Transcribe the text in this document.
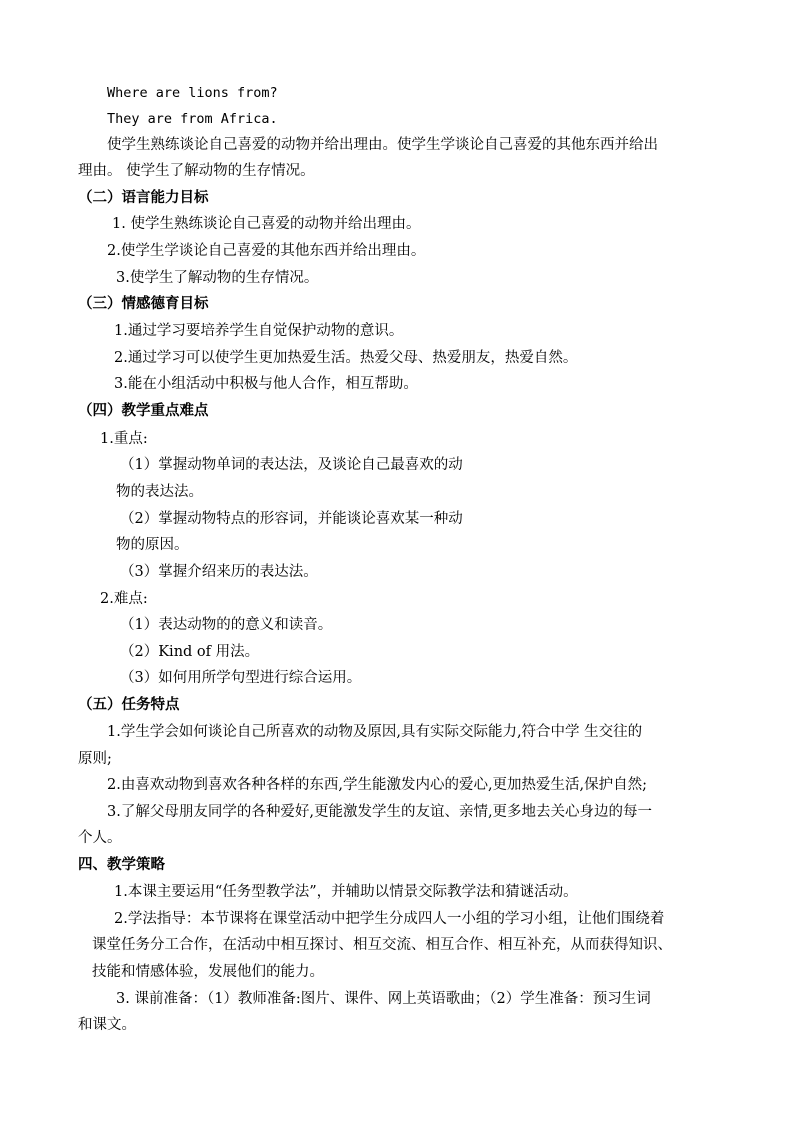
Where are lions from?
They are from Africa.
使学生熟练谈论自己喜爱的动物并给出理由。使学生学谈论自己喜爱的其他东西并给出
理由。 使学生了解动物的生存情况。
（二）语言能力目标
1. 使学生熟练谈论自己喜爱的动物并给出理由。
2.使学生学谈论自己喜爱的其他东西并给出理由。
3.使学生了解动物的生存情况。
（三）情感德育目标
1.通过学习要培养学生自觉保护动物的意识。
2.通过学习可以使学生更加热爱生活。热爱父母、热爱朋友，热爱自然。
3.能在小组活动中积极与他人合作，相互帮助。
（四）教学重点难点
1.重点:
（1）掌握动物单词的表达法，及谈论自己最喜欢的动
物的表达法。
（2）掌握动物特点的形容词，并能谈论喜欢某一种动
物的原因。
（3）掌握介绍来历的表达法。
2.难点:
（1）表达动物的的意义和读音。
（2）Kind of 用法。
（3）如何用所学句型进行综合运用。
（五）任务特点
1.学生学会如何谈论自己所喜欢的动物及原因,具有实际交际能力,符合中学 生交往的
原则;
2.由喜欢动物到喜欢各种各样的东西,学生能激发内心的爱心,更加热爱生活,保护自然;
3.了解父母朋友同学的各种爱好,更能激发学生的友谊、亲情,更多地去关心身边的每一
个人。
四、教学策略
1.本课主要运用“任务型教学法”，并辅助以情景交际教学法和猜谜活动。
2.学法指导：本节课将在课堂活动中把学生分成四人一小组的学习小组，让他们围绕着
课堂任务分工合作，在活动中相互探讨、相互交流、相互合作、相互补充，从而获得知识、
技能和情感体验，发展他们的能力。
3. 课前准备：（1）教师准备:图片、课件、网上英语歌曲；（2）学生准备：预习生词
和课文。
